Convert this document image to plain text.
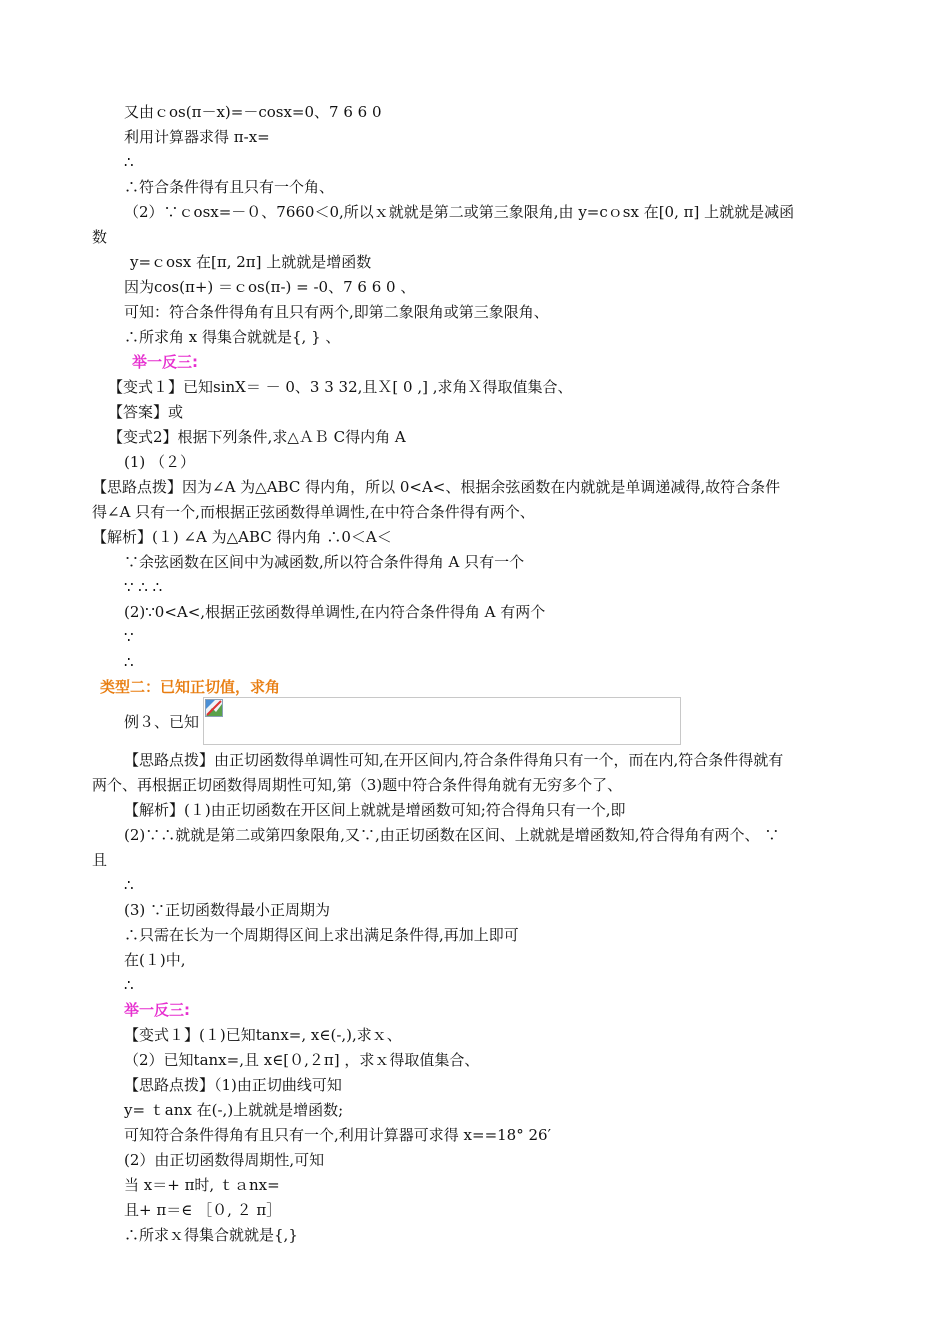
又由ｃos(π－x)=－cosx=0、7 6 6 0
利用计算器求得 π-x=
∴
∴符合条件得有且只有一个角、
（2）∵ｃosx=－０、7660＜0,所以ｘ就就是第二或第三象限角,由 y=cｏsx 在[0, π] 上就就是减函
数
y=ｃosx 在[π, 2π] 上就就是增函数
因为cos(π+) ＝ｃos(π-) = -0、7 6 6 0 、
可知：符合条件得角有且只有两个,即第二象限角或第三象限角、
∴所求角 x 得集合就就是{, } 、
举一反三:
【变式１】已知sinX＝ － 0、3 3 32,且Ｘ[ 0 ,] ,求角Ｘ得取值集合、
【答案】或
【变式2】根据下列条件,求△ＡＢ C得内角 A
(1) （２）
【思路点拨】因为∠A 为△ABC 得内角，所以 0<A<、根据余弦函数在内就就是单调递减得,故符合条件
得∠A 只有一个,而根据正弦函数得单调性,在中符合条件得有两个、
【解析】(１) ∠A 为△ABC 得内角 ∴0＜A＜
∵余弦函数在区间中为减函数,所以符合条件得角 A 只有一个
∵ ∴ ∴
(2)∵0<A<,根据正弦函数得单调性,在内符合条件得角 A 有两个
∵
∴
类型二：已知正切值，求角
例３、已知
【思路点拨】由正切函数得单调性可知,在开区间内,符合条件得角只有一个，而在内,符合条件得就有
两个、再根据正切函数得周期性可知,第（3)题中符合条件得角就有无穷多个了、
【解析】(１)由正切函数在开区间上就就是增函数可知;符合得角只有一个,即
(2)∵∴就就是第二或第四象限角,又∵,由正切函数在区间、上就就是增函数知,符合得角有两个、 ∵
且
∴
(3) ∵正切函数得最小正周期为
∴只需在长为一个周期得区间上求出满足条件得,再加上即可
在(１)中,
∴
举一反三:
【变式１】(１)已知tanx=, x∈(-,),求ｘ、
（2）已知tanx=,且 x∈[０,２π] ，求ｘ得取值集合、
【思路点拨】（1)由正切曲线可知
y= ｔanx 在(-,)上就就是增函数;
可知符合条件得角有且只有一个,利用计算器可求得 x==18° 26′
(2）由正切函数得周期性,可知
当 x＝+ π时, ｔａnx=
且+ π＝∈ ［０, ２ π］
∴所求ｘ得集合就就是{,}
